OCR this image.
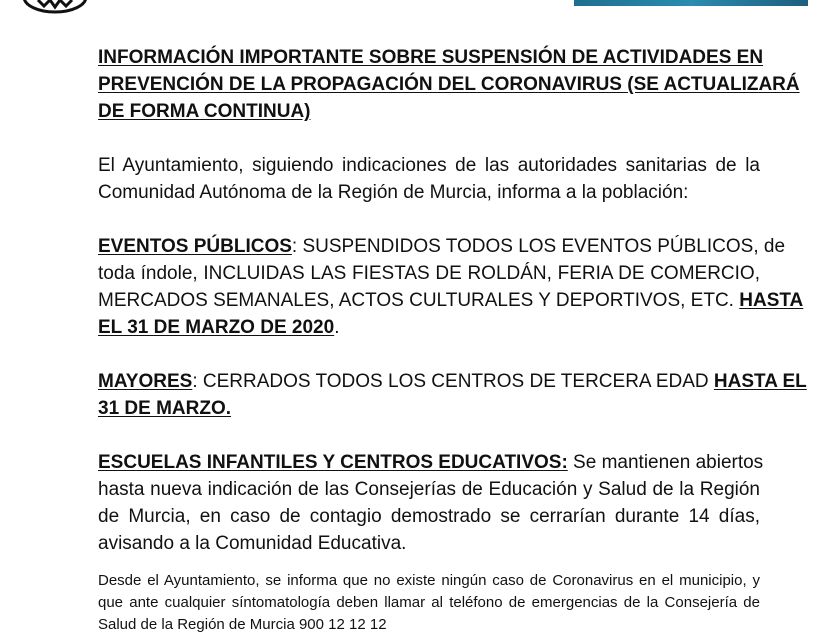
INFORMACIÓN IMPORTANTE SOBRE SUSPENSIÓN DE ACTIVIDADES EN
PREVENCIÓN DE LA PROPAGACIÓN DEL CORONAVIRUS (SE ACTUALIZARÁ
DE FORMA CONTINUA)
El Ayuntamiento, siguiendo indicaciones de las autoridades sanitarias de la
Comunidad Autónoma de la Región de Murcia, informa a la población:
EVENTOS PÚBLICOS: SUSPENDIDOS TODOS LOS EVENTOS PÚBLICOS, de
toda índole, INCLUIDAS LAS FIESTAS DE ROLDÁN, FERIA DE COMERCIO,
MERCADOS SEMANALES, ACTOS CULTURALES Y DEPORTIVOS, ETC. HASTA
EL 31 DE MARZO DE 2020.
MAYORES: CERRADOS TODOS LOS CENTROS DE TERCERA EDAD HASTA EL
31 DE MARZO.
ESCUELAS INFANTILES Y CENTROS EDUCATIVOS: Se mantienen abiertos
hasta nueva indicación de las Consejerías de Educación y Salud de la Región
de Murcia, en caso de contagio demostrado se cerrarían durante 14 días,
avisando a la Comunidad Educativa.
Desde el Ayuntamiento, se informa que no existe ningún caso de Coronavirus en el municipio, y
que ante cualquier síntomatología deben llamar al teléfono de emergencias de la Consejería de
Salud de la Región de Murcia 900 12 12 12
